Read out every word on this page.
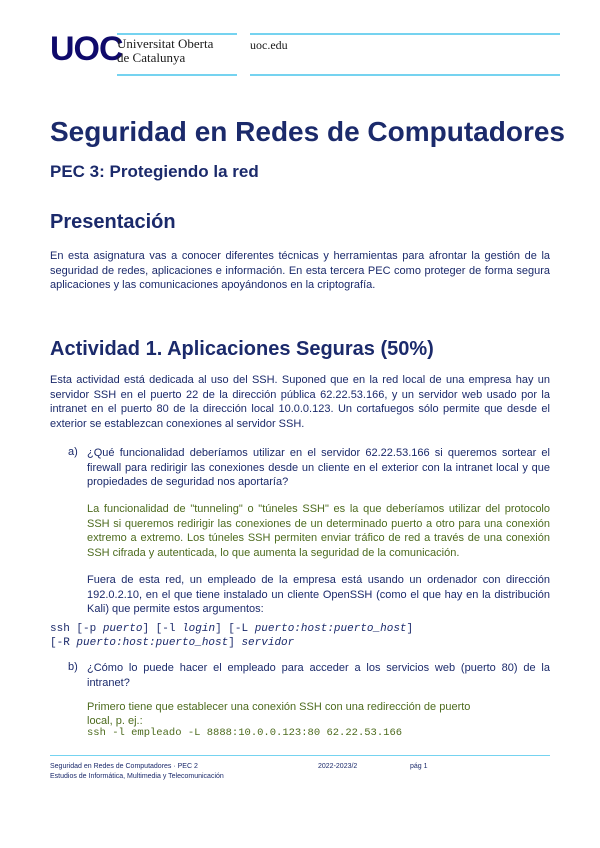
UOC
Universitat Oberta
de Catalunya
uoc.edu
Seguridad en Redes de Computadores

PEC 3: Protegiendo la red

Presentación

En esta asignatura vas a conocer diferentes técnicas y herramientas para afrontar la gestión de la seguridad de redes, aplicaciones e información. En esta tercera PEC como proteger de forma segura aplicaciones y las comunicaciones apoyándonos en la criptografía.

Actividad 1. Aplicaciones Seguras (50%)

Esta actividad está dedicada al uso del SSH. Suponed que en la red local de una empresa hay un servidor SSH en el puerto 22 de la dirección pública 62.22.53.166, y un servidor web usado por la intranet en el puerto 80 de la dirección local 10.0.0.123. Un cortafuegos sólo permite que desde el exterior se establezcan conexiones al servidor SSH.

a) ¿Qué funcionalidad deberíamos utilizar en el servidor 62.22.53.166 si queremos sortear el firewall para redirigir las conexiones desde un cliente en el exterior con la intranet local y que propiedades de seguridad nos aportaría?

La funcionalidad de "tunneling" o "túneles SSH" es la que deberíamos utilizar del protocolo SSH si queremos redirigir las conexiones de un determinado puerto a otro para una conexión extremo a extremo. Los túneles SSH permiten enviar tráfico de red a través de una conexión SSH cifrada y autenticada, lo que aumenta la seguridad de la comunicación.

Fuera de esta red, un empleado de la empresa está usando un ordenador con dirección 192.0.2.10, en el que tiene instalado un cliente OpenSSH (como el que hay en la distribución Kali) que permite estos argumentos:

ssh [-p puerto] [-l login] [-L puerto:host:puerto_host]
[-R puerto:host:puerto_host] servidor
b) ¿Cómo lo puede hacer el empleado para acceder a los servicios web (puerto 80) de la intranet?

Primero tiene que establecer una conexión SSH con una redirección de puerto

local, p. ej.:

ssh -l empleado -L 8888:10.0.0.123:80 62.22.53.166
Seguridad en Redes de Computadores · PEC 2
Estudios de Informática, Multimedia y Telecomunicación
2022-2023/2	pág 1
